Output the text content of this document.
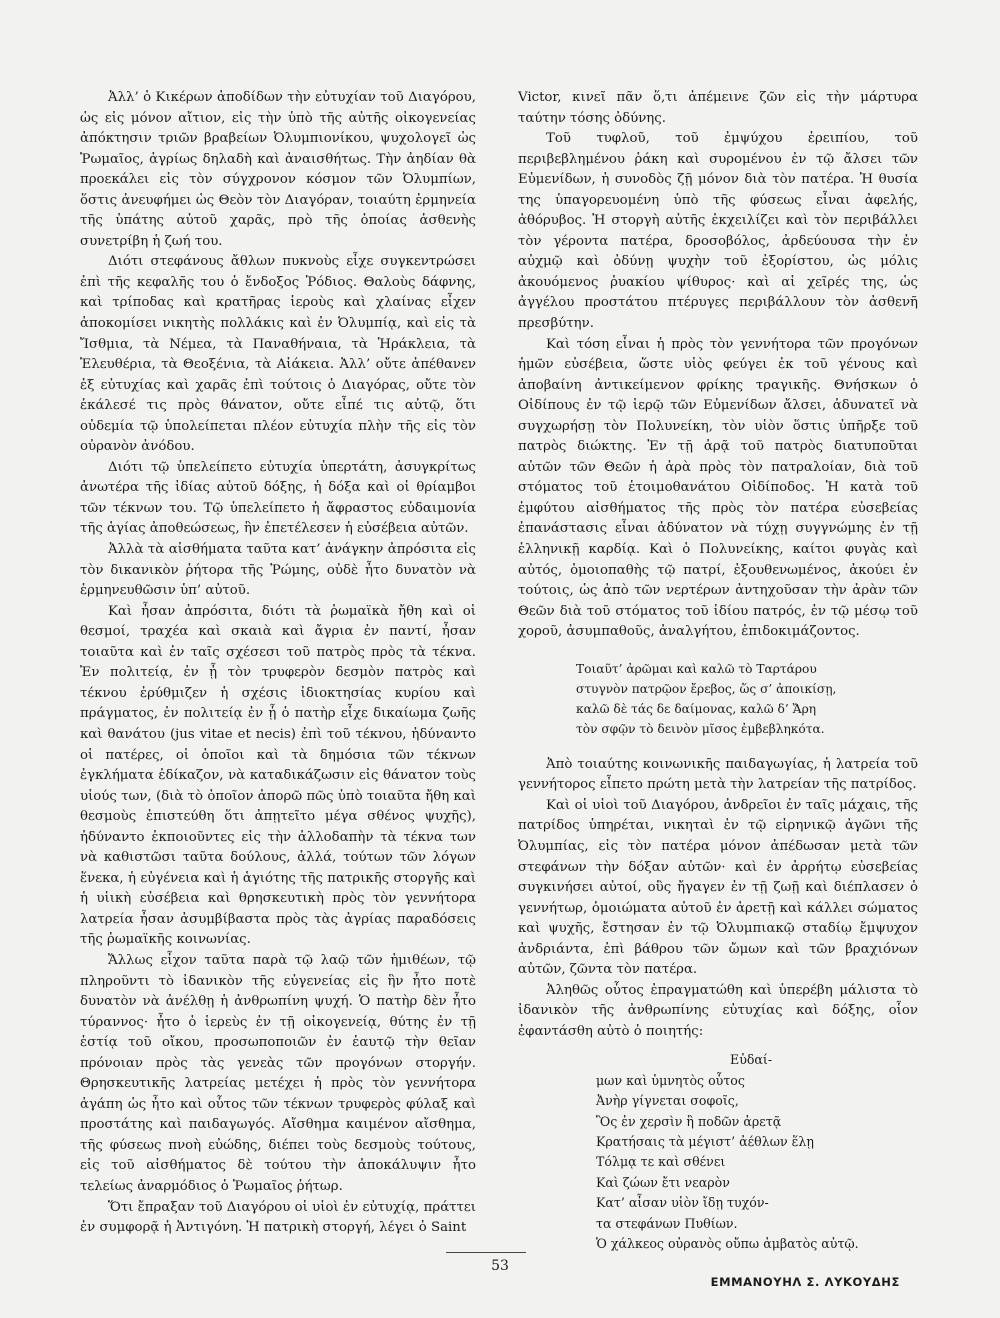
Ἀλλ’ ὁ Κικέρων ἀποδίδων τὴν εὐτυχίαν τοῦ Διαγόρου, ὡς εἰς μόνον αἴτιον, εἰς τὴν ὑπὸ τῆς αὐτῆς οἰκογενείας ἀπόκτησιν τριῶν βραβείων Ὀλυμπιονίκου, ψυχολογεῖ ὡς Ῥωμαῖος, ἀγρίως δηλαδὴ καὶ ἀναισθήτως. Τὴν ἀηδίαν θὰ προεκάλει εἰς τὸν σύγχρονον κόσμον τῶν Ὀλυμπίων, ὅστις ἀνευφήμει ὡς Θεὸν τὸν Διαγόραν, τοιαύτη ἑρμηνεία τῆς ὑπάτης αὐτοῦ χαρᾶς, πρὸ τῆς ὁποίας ἀσθενὴς συνετρίβη ἡ ζωή του.

Διότι στεφάνους ἄθλων πυκνοὺς εἶχε συγκεντρώσει ἐπὶ τῆς κεφαλῆς του ὁ ἔνδοξος Ῥόδιος. Θαλοὺς δάφνης, καὶ τρίποδας καὶ κρατῆρας ἱεροὺς καὶ χλαίνας εἶχεν ἀποκομίσει νικητὴς πολλάκις καὶ ἐν Ὀλυμπίᾳ, καὶ εἰς τὰ Ἴσθμια, τὰ Νέμεα, τὰ Παναθήναια, τὰ Ἡράκλεια, τὰ Ἐλευθέρια, τὰ Θεοξένια, τὰ Αἰάκεια. Ἀλλ’ οὔτε ἀπέθανεν ἐξ εὐτυχίας καὶ χαρᾶς ἐπὶ τούτοις ὁ Διαγόρας, οὔτε τὸν ἐκάλεσέ τις πρὸς θάνατον, οὔτε εἶπέ τις αὐτῷ, ὅτι οὐδεμία τῷ ὑπολείπεται πλέον εὐτυχία πλὴν τῆς εἰς τὸν οὐρανὸν ἀνόδου.

Διότι τῷ ὑπελείπετο εὐτυχία ὑπερτάτη, ἀσυγκρίτως ἀνωτέρα τῆς ἰδίας αὐτοῦ δόξης, ἡ δόξα καὶ οἱ θρίαμβοι τῶν τέκνων του. Τῷ ὑπελείπετο ἡ ἄφραστος εὐδαιμονία τῆς ἁγίας ἀποθεώσεως, ἣν ἐπετέλεσεν ἡ εὐσέβεια αὐτῶν.

Ἀλλὰ τὰ αἰσθήματα ταῦτα κατ’ ἀνάγκην ἀπρόσιτα εἰς τὸν δικανικὸν ῥήτορα τῆς Ῥώμης, οὐδὲ ἦτο δυνατὸν νὰ ἑρμηνευθῶσιν ὑπ’ αὐτοῦ.

Καὶ ἦσαν ἀπρόσιτα, διότι τὰ ῥωμαϊκὰ ἤθη καὶ οἱ θεσμοί, τραχέα καὶ σκαιὰ καὶ ἄγρια ἐν παντί, ἦσαν τοιαῦτα καὶ ἐν ταῖς σχέσεσι τοῦ πατρὸς πρὸς τὰ τέκνα. Ἐν πολιτείᾳ, ἐν ᾗ τὸν τρυφερὸν δεσμὸν πατρὸς καὶ τέκνου ἐρύθμιζεν ἡ σχέσις ἰδιοκτησίας κυρίου καὶ πράγματος, ἐν πολιτείᾳ ἐν ᾗ ὁ πατὴρ εἶχε δικαίωμα ζωῆς καὶ θανάτου (jus vitae et necis) ἐπὶ τοῦ τέκνου, ἠδύναντο οἱ πατέρες, οἱ ὁποῖοι καὶ τὰ δημόσια τῶν τέκνων ἐγκλήματα ἐδίκαζον, νὰ καταδικάζωσιν εἰς θάνατον τοὺς υἱούς των, (διὰ τὸ ὁποῖον ἀπορῶ πῶς ὑπὸ τοιαῦτα ἤθη καὶ θεσμοὺς ἐπιστεύθη ὅτι ἀπῃτεῖτο μέγα σθένος ψυχῆς), ἠδύναντο ἐκποιοῦντες εἰς τὴν ἀλλοδαπὴν τὰ τέκνα των νὰ καθιστῶσι ταῦτα δούλους, ἀλλά, τούτων τῶν λόγων ἕνεκα, ἡ εὐγένεια καὶ ἡ ἁγιότης τῆς πατρικῆς στοργῆς καὶ ἡ υἱικὴ εὐσέβεια καὶ θρησκευτικὴ πρὸς τὸν γεννήτορα λατρεία ἦσαν ἀσυμβίβαστα πρὸς τὰς ἀγρίας παραδόσεις τῆς ῥωμαϊκῆς κοινωνίας.

Ἄλλως εἶχον ταῦτα παρὰ τῷ λαῷ τῶν ἡμιθέων, τῷ πληροῦντι τὸ ἰδανικὸν τῆς εὐγενείας εἰς ἣν ἦτο ποτὲ δυνατὸν νὰ ἀνέλθῃ ἡ ἀνθρωπίνη ψυχή. Ὁ πατὴρ δὲν ἦτο τύραννος· ἦτο ὁ ἱερεὺς ἐν τῇ οἰκογενείᾳ, θύτης ἐν τῇ ἑστίᾳ τοῦ οἴκου, προσωποποιῶν ἐν ἑαυτῷ τὴν θεῖαν πρόνοιαν πρὸς τὰς γενεὰς τῶν προγόνων στοργήν. Θρησκευτικῆς λατρείας μετέχει ἡ πρὸς τὸν γεννήτορα ἀγάπη ὡς ἦτο καὶ οὗτος τῶν τέκνων τρυφερὸς φύλαξ καὶ προστάτης καὶ παιδαγωγός. Αἴσθημα καιμένον αἴσθημα, τῆς φύσεως πνοὴ εὐώδης, διέπει τοὺς δεσμοὺς τούτους, εἰς τοῦ αἰσθήματος δὲ τούτου τὴν ἀποκάλυψιν ἦτο τελείως ἀναρμόδιος ὁ Ῥωμαῖος ῥήτωρ.

Ὅτι ἔπραξαν τοῦ Διαγόρου οἱ υἱοὶ ἐν εὐτυχίᾳ, πράττει ἐν συμφορᾷ ἡ Ἀντιγόνη. Ἡ πατρικὴ στοργή, λέγει ὁ Saint

Victor, κινεῖ πᾶν ὅ,τι ἀπέμεινε ζῶν εἰς τὴν μάρτυρα ταύτην τόσης ὀδύνης.

Τοῦ τυφλοῦ, τοῦ ἐμψύχου ἐρειπίου, τοῦ περιβεβλημένου ῥάκη καὶ συρομένου ἐν τῷ ἄλσει τῶν Εὐμενίδων, ἡ συνοδὸς ζῇ μόνον διὰ τὸν πατέρα. Ἡ θυσία της ὑπαγορευομένη ὑπὸ τῆς φύσεως εἶναι ἀφελής, ἀθόρυβος. Ἡ στοργὴ αὐτῆς ἐκχειλίζει καὶ τὸν περιβάλλει τὸν γέροντα πατέρα, δροσοβόλος, ἀρδεύουσα τὴν ἐν αὐχμῷ καὶ ὀδύνῃ ψυχὴν τοῦ ἐξορίστου, ὡς μόλις ἀκουόμενος ῥυακίου ψίθυρος· καὶ αἱ χεῖρές της, ὡς ἀγγέλου προστάτου πτέρυγες περιβάλλουν τὸν ἀσθενῆ πρεσβύτην.

Καὶ τόση εἶναι ἡ πρὸς τὸν γεννήτορα τῶν προγόνων ἡμῶν εὐσέβεια, ὥστε υἱὸς φεύγει ἐκ τοῦ γένους καὶ ἀποβαίνη ἀντικείμενον φρίκης τραγικῆς. Θνήσκων ὁ Οἰδίπους ἐν τῷ ἱερῷ τῶν Εὐμενίδων ἄλσει, ἀδυνατεῖ νὰ συγχωρήσῃ τὸν Πολυνείκη, τὸν υἱὸν ὅστις ὑπῆρξε τοῦ πατρὸς διώκτης. Ἐν τῇ ἀρᾷ τοῦ πατρὸς διατυποῦται αὐτῶν τῶν Θεῶν ἡ ἀρὰ πρὸς τὸν πατραλοίαν, διὰ τοῦ στόματος τοῦ ἑτοιμοθανάτου Οἰδίποδος. Ἡ κατὰ τοῦ ἐμφύτου αἰσθήματος τῆς πρὸς τὸν πατέρα εὐσεβείας ἐπανάστασις εἶναι ἀδύνατον νὰ τύχῃ συγγνώμης ἐν τῇ ἑλληνικῇ καρδίᾳ. Καὶ ὁ Πολυνείκης, καίτοι φυγὰς καὶ αὐτός, ὁμοιοπαθὴς τῷ πατρί, ἐξουθενωμένος, ἀκούει ἐν τούτοις, ὡς ἀπὸ τῶν νερτέρων ἀντηχοῦσαν τὴν ἀρὰν τῶν Θεῶν διὰ τοῦ στόματος τοῦ ἰδίου πατρός, ἐν τῷ μέσῳ τοῦ χοροῦ, ἀσυμπαθοῦς, ἀναλγήτου, ἐπιδοκιμάζοντος.

Τοιαῦτ’ ἀρῶμαι καὶ καλῶ τὸ Ταρτάρου
στυγνὸν πατρῷον ἔρεβος, ὥς σ’ ἀποικίσῃ,
καλῶ δὲ τάς δε δαίμονας, καλῶ δ’ Ἄρη
τὸν σφῷν τὸ δεινὸν μῖσος ἐμβεβληκότα.

Ἀπὸ τοιαύτης κοινωνικῆς παιδαγωγίας, ἡ λατρεία τοῦ γεννήτορος εἶπετο πρώτη μετὰ τὴν λατρείαν τῆς πατρίδος.

Καὶ οἱ υἱοὶ τοῦ Διαγόρου, ἀνδρεῖοι ἐν ταῖς μάχαις, τῆς πατρίδος ὑπηρέται, νικηταὶ ἐν τῷ εἰρηνικῷ ἀγῶνι τῆς Ὀλυμπίας, εἰς τὸν πατέρα μόνον ἀπέδωσαν μετὰ τῶν στεφάνων τὴν δόξαν αὐτῶν· καὶ ἐν ἀρρήτῳ εὐσεβείας συγκινήσει αὐτοί, οὓς ἤγαγεν ἐν τῇ ζωῇ καὶ διέπλασεν ὁ γεννήτωρ, ὁμοιώματα αὐτοῦ ἐν ἀρετῇ καὶ κάλλει σώματος καὶ ψυχῆς, ἔστησαν ἐν τῷ Ὀλυμπιακῷ σταδίῳ ἔμψυχον ἀνδριάντα, ἐπὶ βάθρου τῶν ὤμων καὶ τῶν βραχιόνων αὐτῶν, ζῶντα τὸν πατέρα.

Ἀληθῶς οὗτος ἐπραγματώθη καὶ ὑπερέβη μάλιστα τὸ ἰδανικὸν τῆς ἀνθρωπίνης εὐτυχίας καὶ δόξης, οἷον ἐφαντάσθη αὐτὸ ὁ ποιητής:

Εὐδαί-
μων καὶ ὑμνητὸς οὗτος
Ἀνὴρ γίγνεται σοφοῖς,
Ὃς ἐν χερσὶν ἢ ποδῶν ἀρετᾷ
Κρατήσαις τὰ μέγιστ’ ἀέθλων ἕλῃ
Τόλμᾳ τε καὶ σθένει
Καὶ ζώων ἔτι νεαρὸν
Κατ’ αἶσαν υἱὸν ἴδῃ τυχόν-
τα στεφάνων Πυθίων.
Ὁ χάλκεος οὐρανὸς οὔπω ἀμβατὸς αὐτῷ.
ΕΜΜΑΝΟΥΗΛ Σ. ΛΥΚΟΥΔΗΣ
53
